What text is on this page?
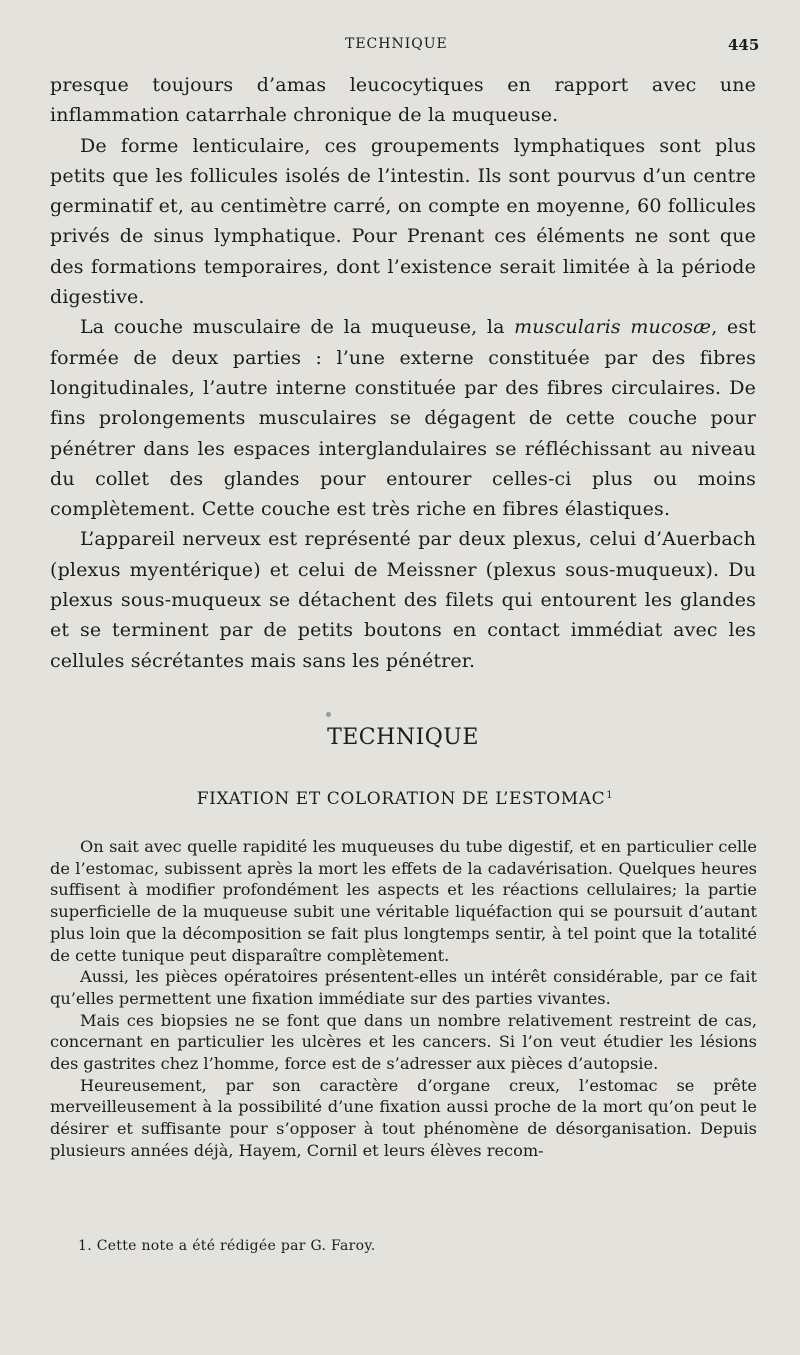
TECHNIQUE	445

presque toujours d’amas leucocytiques en rapport avec une inflammation catarrhale chronique de la muqueuse.

De forme lenticulaire, ces groupements lymphatiques sont plus petits que les follicules isolés de l’intestin. Ils sont pourvus d’un centre germinatif et, au centimètre carré, on compte en moyenne, 60 follicules privés de sinus lymphatique. Pour Prenant ces éléments ne sont que des formations temporaires, dont l’existence serait limitée à la période digestive.

La couche musculaire de la muqueuse, la muscularis mucosæ, est formée de deux parties : l’une externe constituée par des fibres longitudinales, l’autre interne constituée par des fibres circulaires. De fins prolongements musculaires se dégagent de cette couche pour pénétrer dans les espaces interglandulaires se réfléchissant au niveau du collet des glandes pour entourer celles-ci plus ou moins complètement. Cette couche est très riche en fibres élastiques.

L’appareil nerveux est représenté par deux plexus, celui d’Auerbach (plexus myentérique) et celui de Meissner (plexus sous-muqueux). Du plexus sous-muqueux se détachent des filets qui entourent les glandes et se terminent par de petits boutons en contact immédiat avec les cellules sécrétantes mais sans les pénétrer.

TECHNIQUE
FIXATION ET COLORATION DE L’ESTOMAC$^1$

On sait avec quelle rapidité les muqueuses du tube digestif, et en particulier celle de l’estomac, subissent après la mort les effets de la cadavérisation. Quelques heures suffisent à modifier profondément les aspects et les réactions cellulaires; la partie superficielle de la muqueuse subit une véritable liquéfaction qui se poursuit d’autant plus loin que la décomposition se fait plus longtemps sentir, à tel point que la totalité de cette tunique peut disparaître complètement.

Aussi, les pièces opératoires présentent-elles un intérêt considérable, par ce fait qu’elles permettent une fixation immédiate sur des parties vivantes.

Mais ces biopsies ne se font que dans un nombre relativement restreint de cas, concernant en particulier les ulcères et les cancers. Si l’on veut étudier les lésions des gastrites chez l’homme, force est de s’adresser aux pièces d’autopsie.

Heureusement, par son caractère d’organe creux, l’estomac se prête merveilleusement à la possibilité d’une fixation aussi proche de la mort qu’on peut le désirer et suffisante pour s’opposer à tout phénomène de désorganisation. Depuis plusieurs années déjà, Hayem, Cornil et leurs élèves recom-

1. Cette note a été rédigée par G. Faroy.
